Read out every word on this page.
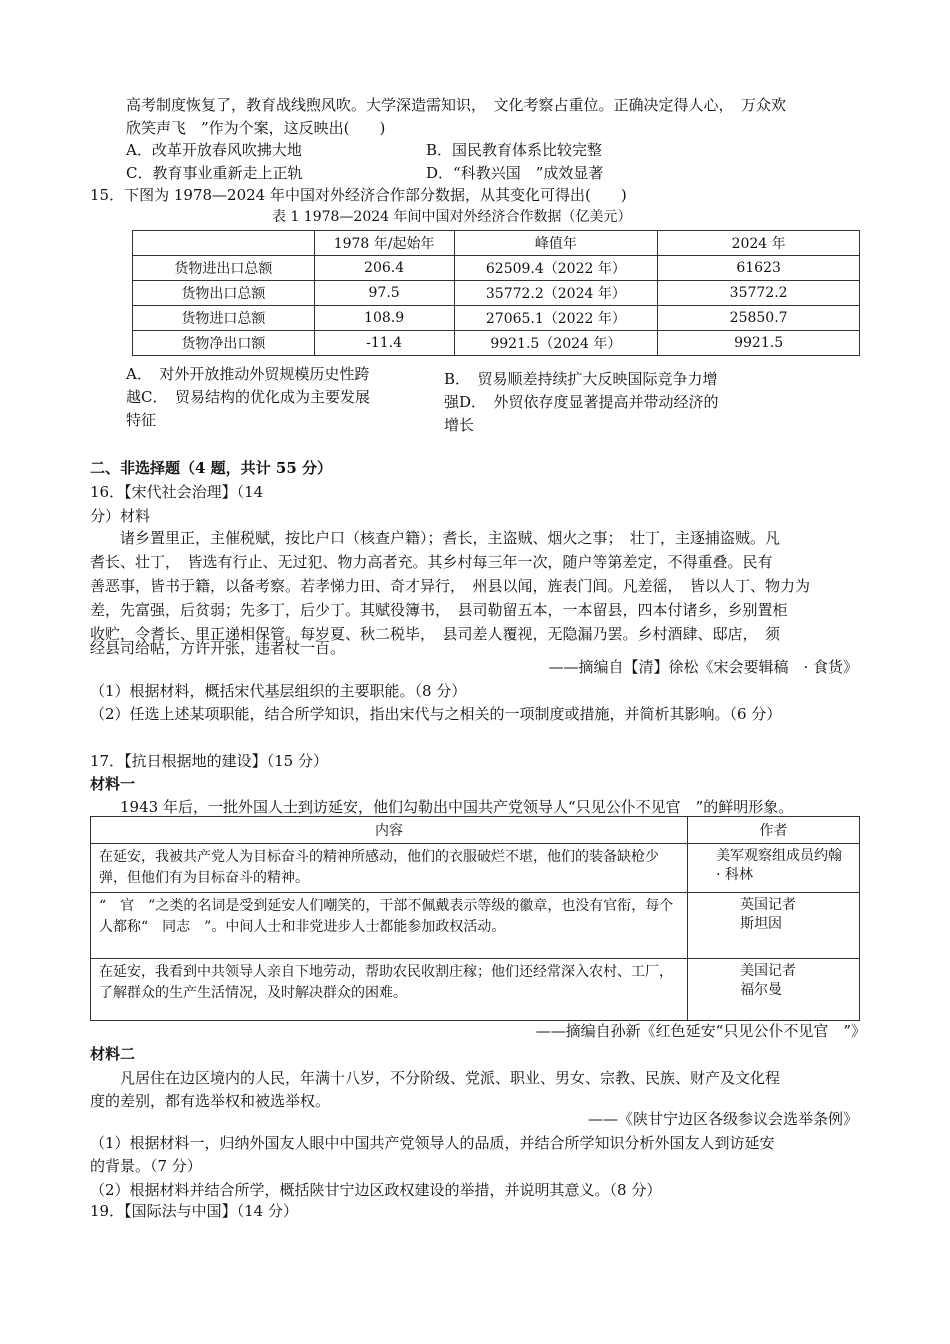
高考制度恢复了，教育战线煦风吹。大学深造需知识，　文化考察占重位。正确决定得人心，　万众欢
欣笑声飞　”作为个案，这反映出(　　)
A．改革开放春风吹拂大地	B．国民教育体系比较完整
C．教育事业重新走上正轨	D．“科教兴国　”成效显著
15．下图为 1978—2024 年中国对外经济合作部分数据，从其变化可得出(　　)
表 1 1978—2024 年间中国对外经济合作数据（亿美元）
	1978 年/起始年	峰值年	2024 年
货物进出口总额	206.4	62509.4（2022 年）	61623
货物出口总额	97.5	35772.2（2024 年）	35772.2
货物进口总额	108.9	27065.1（2022 年）	25850.7
货物净出口额	-11.4	9921.5（2024 年）	9921.5
A．　对外开放推动外贸规模历史性跨
越C．　贸易结构的优化成为主要发展
特征
B．　贸易顺差持续扩大反映国际竞争力增
强D．　外贸依存度显著提高并带动经济的
增长
二、非选择题（4 题，共计 55 分）
16．【宋代社会治理】（14
分）材料
　　诸乡置里正，主催税赋，按比户口（核查户籍）；耆长，主盗贼、烟火之事；　壮丁，主逐捕盗贼。凡
耆长、壮丁，　皆选有行止、无过犯、物力高者充。其乡村每三年一次，随户等第差定，不得重叠。民有
善恶事，皆书于籍，以备考察。若孝悌力田、奇才异行，　州县以闻，旌表门闾。凡差徭，　皆以人丁、物力为
差，先富强，后贫弱；先多丁，后少丁。其赋役簿书，　县司勒留五本，一本留县，四本付诸乡，乡别置柜
收贮，令耆长、里正递相保管。每岁夏、秋二税毕，　县司差人覆视，无隐漏乃罢。乡村酒肆、邸店，　须
经县司给帖，方许开张，违者杖一百。
——摘编自【清】徐松《宋会要辑稿　· 食货》
（1）根据材料，概括宋代基层组织的主要职能。（8 分）
（2）任选上述某项职能，结合所学知识，指出宋代与之相关的一项制度或措施，并简析其影响。（6 分）
17．【抗日根据地的建设】（15 分）
材料一
　　1943 年后，一批外国人士到访延安，他们勾勒出中国共产党领导人“只见公仆不见官　”的鲜明形象。
内容	作者
在延安，我被共产党人为目标奋斗的精神所感动，他们的衣服破烂不堪，他们的装备缺枪少弹，但他们有为目标奋斗的精神。	美军观察组成员约翰　· 科林
“　官　”之类的名词是受到延安人们嘲笑的，干部不佩戴表示等级的徽章，也没有官衔，每个人都称“　同志　”。中间人士和非党进步人士都能参加政权活动。	英国记者斯坦因
在延安，我看到中共领导人亲自下地劳动，帮助农民收割庄稼；他们还经常深入农村、工厂，了解群众的生产生活情况，及时解决群众的困难。	美国记者福尔曼
——摘编自孙新《红色延安“只见公仆不见官　”》
材料二
　　凡居住在边区境内的人民，年满十八岁，不分阶级、党派、职业、男女、宗教、民族、财产及文化程
度的差别，都有选举权和被选举权。
——《陕甘宁边区各级参议会选举条例》
（1）根据材料一，归纳外国友人眼中中国共产党领导人的品质，并结合所学知识分析外国友人到访延安
的背景。（7 分）
（2）根据材料并结合所学，概括陕甘宁边区政权建设的举措，并说明其意义。（8 分）
19．【国际法与中国】（14 分）
